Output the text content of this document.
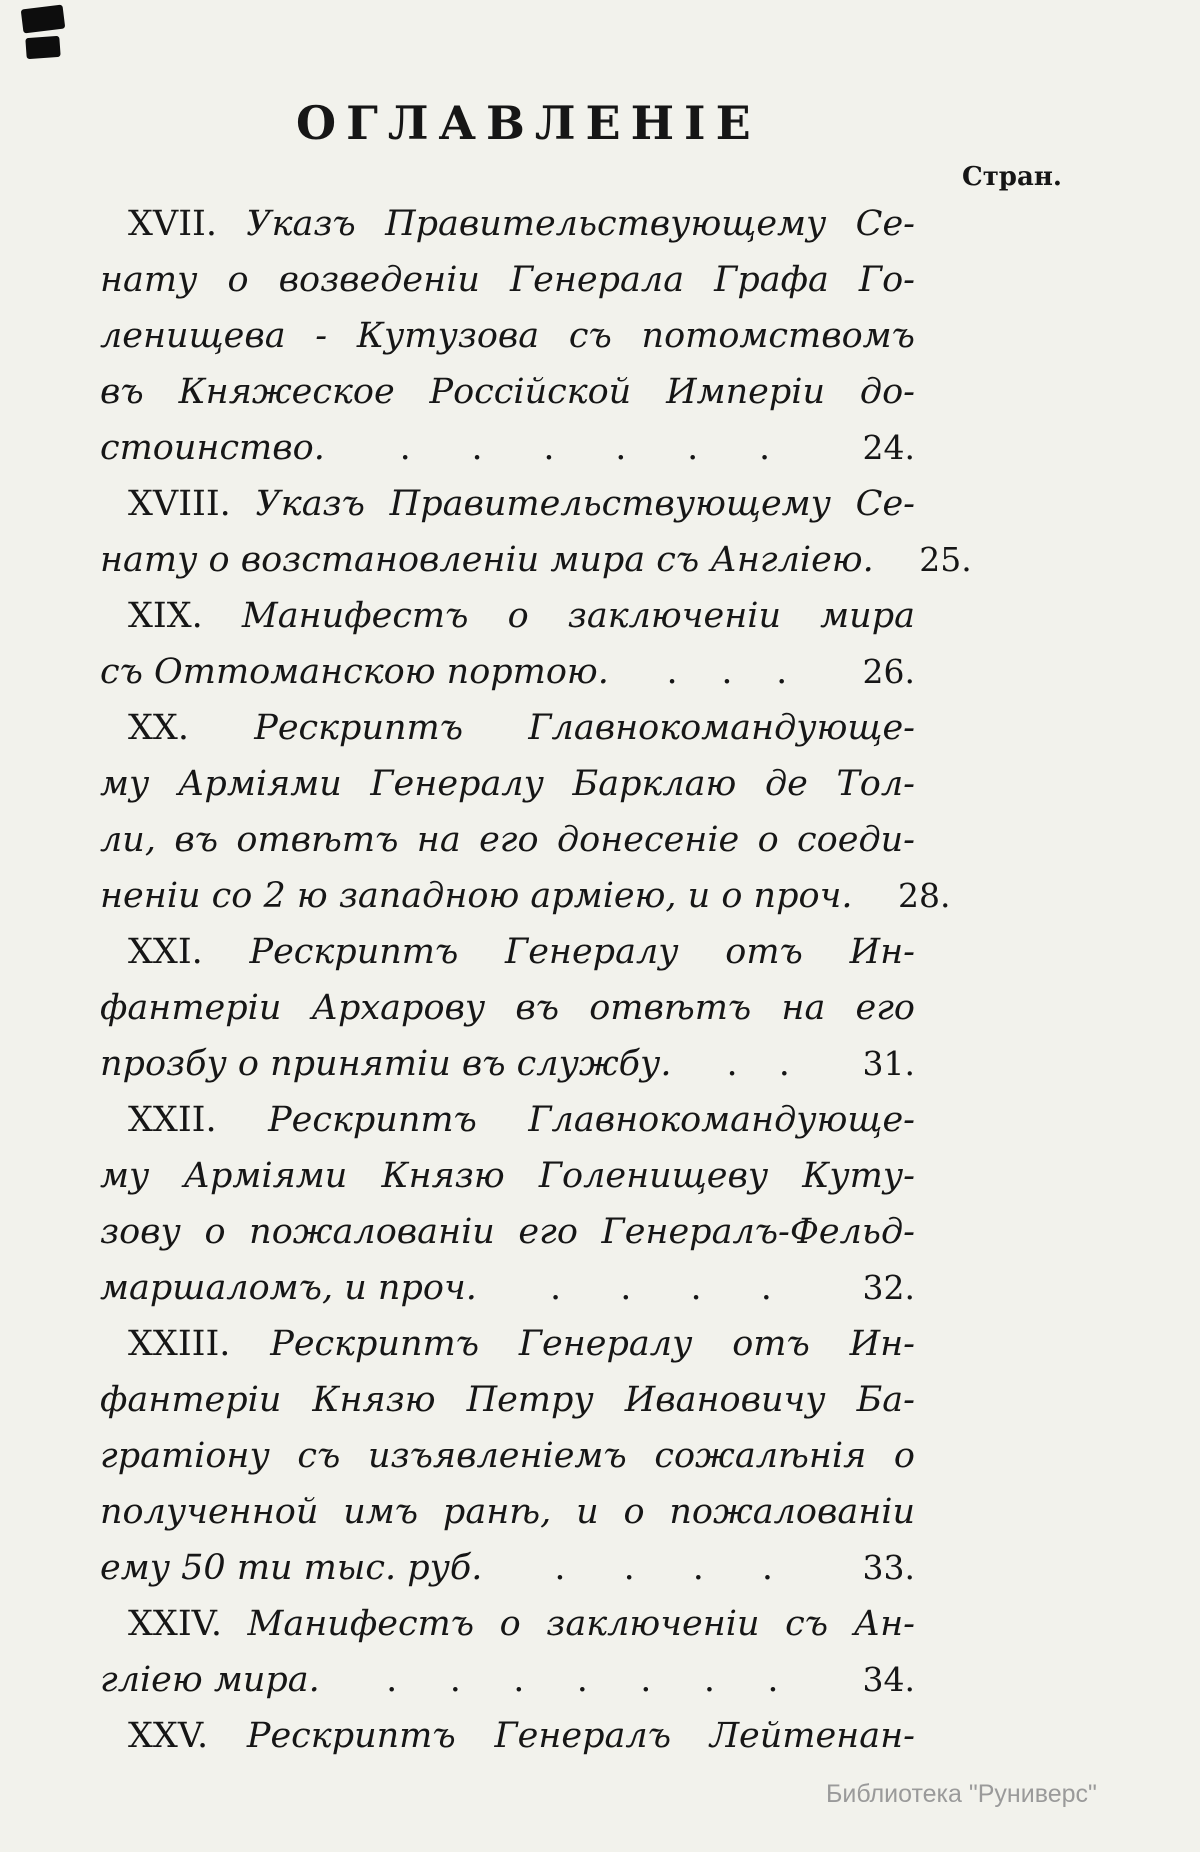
ОГЛАВЛЕНІЕ
Стран.
XVII. Указъ Правительствующему Се-
нату о возведеніи Генерала Графа Го-
ленищева - Кутузова съ потомствомъ
въ Княжеское Россійской Имперіи до-
стоинство. . . . . . .	24.
XVIII. Указъ Правительствующему Се-
нату о возстановленіи мира съ Англіею. 25.
XIX. Манифестъ о заключеніи мира
съ Оттоманскою портою. . . . 26.
XX. Рескриптъ Главнокомандующе-
му Арміями Генералу Барклаю де Тол-
ли, въ отвѣтъ на его донесеніе о соеди-
неніи со 2 ю западною арміею, и о проч. 28.
XXI. Рескриптъ Генералу отъ Ин-
фантеріи Архарову въ отвѣтъ на его
прозбу о принятіи въ службу. . . 31.
XXII. Рескриптъ Главнокомандующе-
му Арміями Князю Голенищеву Куту-
зову о пожалованіи его Генералъ-Фельд-
маршаломъ, и проч. . . . .	32.
XXIII. Рескриптъ Генералу отъ Ин-
фантеріи Князю Петру Ивановичу Ба-
гратіону съ изъявленіемъ сожалѣнія о
полученной имъ ранѣ, и о пожалованіи
ему 50 ти тыс. руб. . . . .	33.
XXIV. Манифестъ о заключеніи съ Ан-
гліею мира. . . . . . . .	34.
XXV. Рескриптъ Генералъ Лейтенан-
Библиотека "Руниверс"
